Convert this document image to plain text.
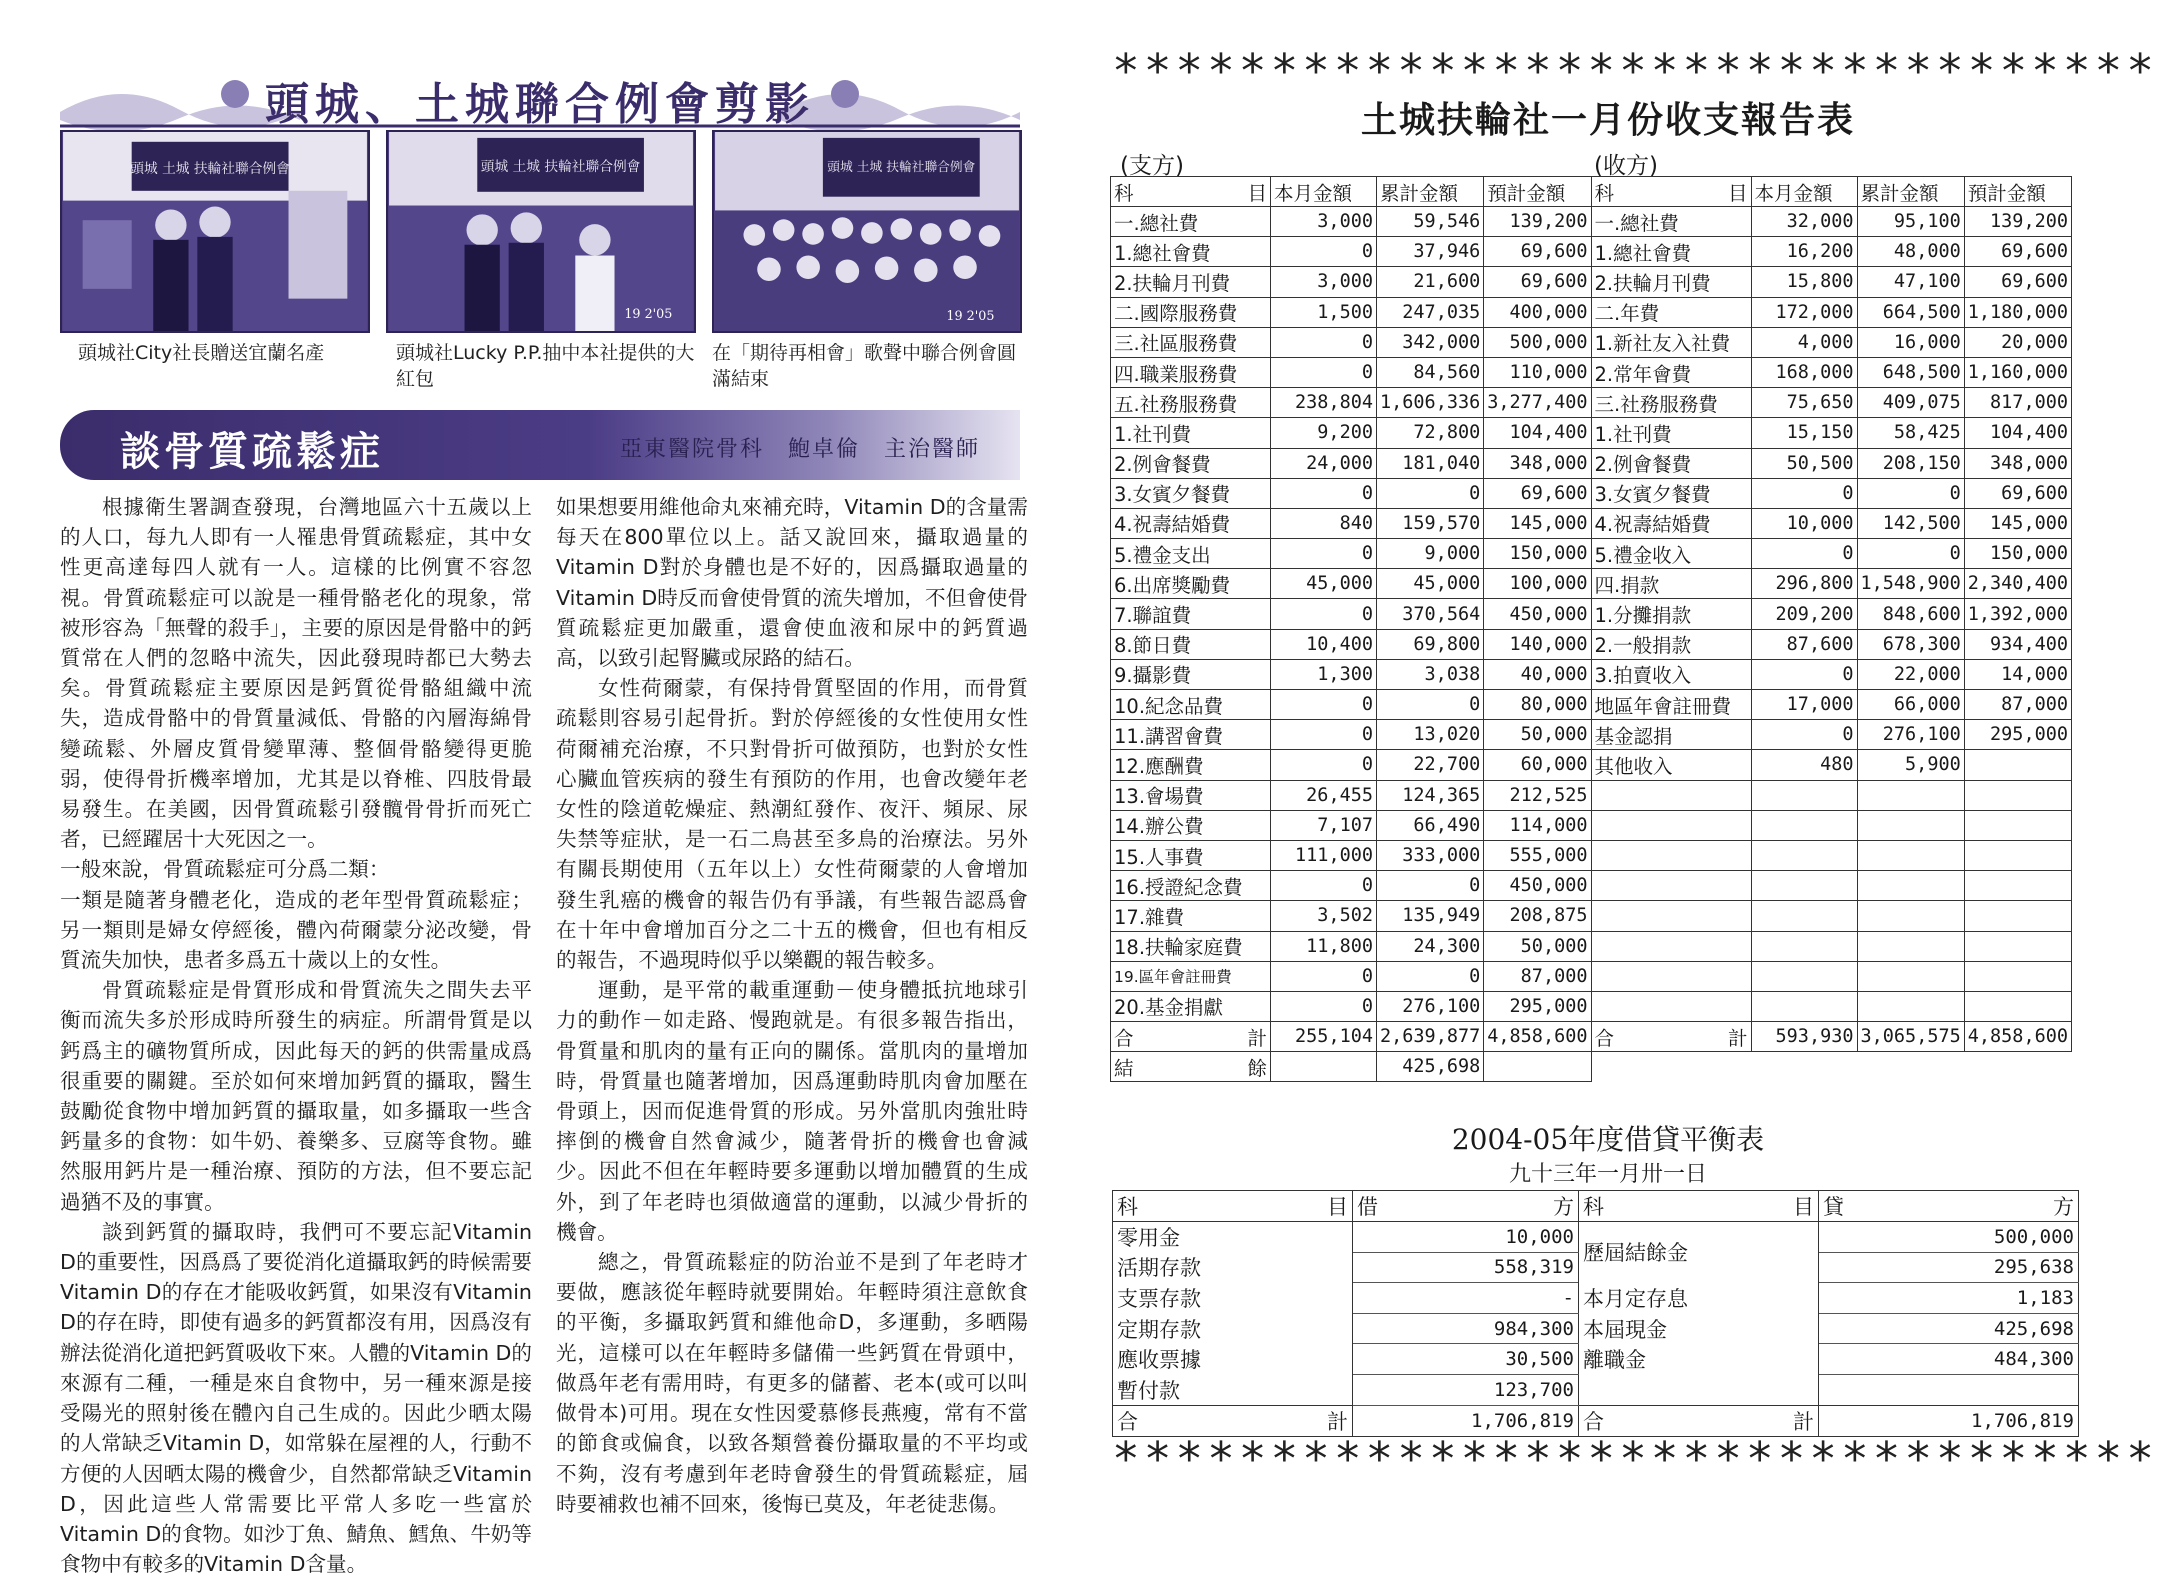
頭城、土城聯合例會剪影
頭城 土城 扶輪社聯合例會
頭城社City社長贈送宜蘭名產
頭城 土城 扶輪社聯合例會
19 2'05
頭城社Lucky P.P.抽中本社提供的大紅包
頭城 土城 扶輪社聯合例會
19 2'05
在「期待再相會」歌聲中聯合例會圓滿結束
談骨質疏鬆症	亞東醫院骨科　鮑卓倫　主治醫師

根據衛生署調查發現，台灣地區六十五歲以上的人口，每九人即有一人罹患骨質疏鬆症，其中女性更高達每四人就有一人。這樣的比例實不容忽視。骨質疏鬆症可以說是一種骨骼老化的現象，常被形容為「無聲的殺手」，主要的原因是骨骼中的鈣質常在人們的忽略中流失，因此發現時都已大勢去矣。骨質疏鬆症主要原因是鈣質從骨骼組織中流失，造成骨骼中的骨質量減低、骨骼的內層海綿骨變疏鬆、外層皮質骨變單薄、整個骨骼變得更脆弱，使得骨折機率增加，尤其是以脊椎、四肢骨最易發生。在美國，因骨質疏鬆引發髖骨骨折而死亡者，已經躍居十大死因之一。

一般來說，骨質疏鬆症可分爲二類：

一類是隨著身體老化，造成的老年型骨質疏鬆症；另一類則是婦女停經後，體內荷爾蒙分泌改變，骨質流失加快，患者多爲五十歲以上的女性。

骨質疏鬆症是骨質形成和骨質流失之間失去平衡而流失多於形成時所發生的病症。所謂骨質是以鈣爲主的礦物質所成，因此每天的鈣的供需量成爲很重要的關鍵。至於如何來增加鈣質的攝取，醫生鼓勵從食物中增加鈣質的攝取量，如多攝取一些含鈣量多的食物：如牛奶、養樂多、豆腐等食物。雖然服用鈣片是一種治療、預防的方法，但不要忘記過猶不及的事實。

談到鈣質的攝取時，我們可不要忘記Vitamin D的重要性，因爲爲了要從消化道攝取鈣的時候需要Vitamin D的存在才能吸收鈣質，如果沒有Vitamin D的存在時，即使有過多的鈣質都沒有用，因爲沒有辦法從消化道把鈣質吸收下來。人體的Vitamin D的來源有二種，一種是來自食物中，另一種來源是接受陽光的照射後在體內自己生成的。因此少晒太陽的人常缺乏Vitamin D，如常躲在屋裡的人，行動不方便的人因晒太陽的機會少，自然都常缺乏Vitamin D，因此這些人常需要比平常人多吃一些富於Vitamin D的食物。如沙丁魚、鯖魚、鱈魚、牛奶等食物中有較多的Vitamin D含量。

如果想要用維他命丸來補充時，Vitamin D的含量需每天在800單位以上。話又說回來，攝取過量的Vitamin D對於身體也是不好的，因爲攝取過量的Vitamin D時反而會使骨質的流失增加，不但會使骨質疏鬆症更加嚴重，還會使血液和尿中的鈣質過高，以致引起腎臟或尿路的結石。

女性荷爾蒙，有保持骨質堅固的作用，而骨質疏鬆則容易引起骨折。對於停經後的女性使用女性荷爾補充治療，不只對骨折可做預防，也對於女性心臟血管疾病的發生有預防的作用，也會改變年老女性的陰道乾燥症、熱潮紅發作、夜汗、頻尿、尿失禁等症狀，是一石二鳥甚至多鳥的治療法。另外有關長期使用（五年以上）女性荷爾蒙的人會增加發生乳癌的機會的報告仍有爭議，有些報告認爲會在十年中會增加百分之二十五的機會，但也有相反的報告，不過現時似乎以樂觀的報告較多。

運動，是平常的載重運動－使身體抵抗地球引力的動作－如走路、慢跑就是。有很多報告指出，骨質量和肌肉的量有正向的關係。當肌肉的量增加時，骨質量也隨著增加，因爲運動時肌肉會加壓在骨頭上，因而促進骨質的形成。另外當肌肉強壯時摔倒的機會自然會減少，隨著骨折的機會也會減少。因此不但在年輕時要多運動以增加體質的生成外，到了年老時也須做適當的運動，以減少骨折的機會。

總之，骨質疏鬆症的防治並不是到了年老時才要做，應該從年輕時就要開始。年輕時須注意飲食的平衡，多攝取鈣質和維他命D，多運動，多晒陽光，這樣可以在年輕時多儲備一些鈣質在骨頭中，做爲年老有需用時，有更多的儲蓄、老本(或可以叫做骨本)可用。現在女性因愛慕修長燕瘦，常有不當的節食或偏食，以致各類營養份攝取量的不平均或不夠，沒有考慮到年老時會發生的骨質疏鬆症，屆時要補救也補不回來，後悔已莫及，年老徒悲傷。

*********************************
土城扶輪社一月份收支報告表
(支方)	(收方)
科 目	本月金額	累計金額	預計金額	科 目	本月金額	累計金額	預計金額
一.總社費	3,000	59,546	139,200	一.總社費	32,000	95,100	139,200
1.總社會費	0	37,946	69,600	1.總社會費	16,200	48,000	69,600
2.扶輪月刊費	3,000	21,600	69,600	2.扶輪月刊費	15,800	47,100	69,600
二.國際服務費	1,500	247,035	400,000	二.年費	172,000	664,500	1,180,000
三.社區服務費	0	342,000	500,000	1.新社友入社費	4,000	16,000	20,000
四.職業服務費	0	84,560	110,000	2.常年會費	168,000	648,500	1,160,000
五.社務服務費	238,804	1,606,336	3,277,400	三.社務服務費	75,650	409,075	817,000
1.社刊費	9,200	72,800	104,400	1.社刊費	15,150	58,425	104,400
2.例會餐費	24,000	181,040	348,000	2.例會餐費	50,500	208,150	348,000
3.女賓夕餐費	0	0	69,600	3.女賓夕餐費	0	0	69,600
4.祝壽結婚費	840	159,570	145,000	4.祝壽結婚費	10,000	142,500	145,000
5.禮金支出	0	9,000	150,000	5.禮金收入	0	0	150,000
6.出席獎勵費	45,000	45,000	100,000	四.捐款	296,800	1,548,900	2,340,400
7.聯誼費	0	370,564	450,000	1.分攤捐款	209,200	848,600	1,392,000
8.節日費	10,400	69,800	140,000	2.一般捐款	87,600	678,300	934,400
9.攝影費	1,300	3,038	40,000	3.拍賣收入	0	22,000	14,000
10.紀念品費	0	0	80,000	地區年會註冊費	17,000	66,000	87,000
11.講習會費	0	13,020	50,000	基金認捐	0	276,100	295,000
12.應酬費	0	22,700	60,000	其他收入	480	5,900	
13.會場費	26,455	124,365	212,525				
14.辦公費	7,107	66,490	114,000				
15.人事費	111,000	333,000	555,000				
16.授證紀念費	0	0	450,000				
17.雜費	3,502	135,949	208,875				
18.扶輪家庭費	11,800	24,300	50,000				
19.區年會註冊費	0	0	87,000				
20.基金捐獻	0	276,100	295,000				

合 計	255,104	2,639,877	4,858,600	合 計	593,930	3,065,575	4,858,600

結 餘		425,698					
2004-05年度借貸平衡表
九十三年一月卅一日
科 目	借 方	科 目	貸 方

零用金	10,000	歷屆結餘金	500,000
活期存款	558,319		295,638
支票存款	-	本月定存息	1,183
定期存款	984,300	本屆現金	425,698
應收票據	30,500	離職金	484,300
暫付款	123,700		

合 計	1,706,819	合 計	1,706,819
*********************************
